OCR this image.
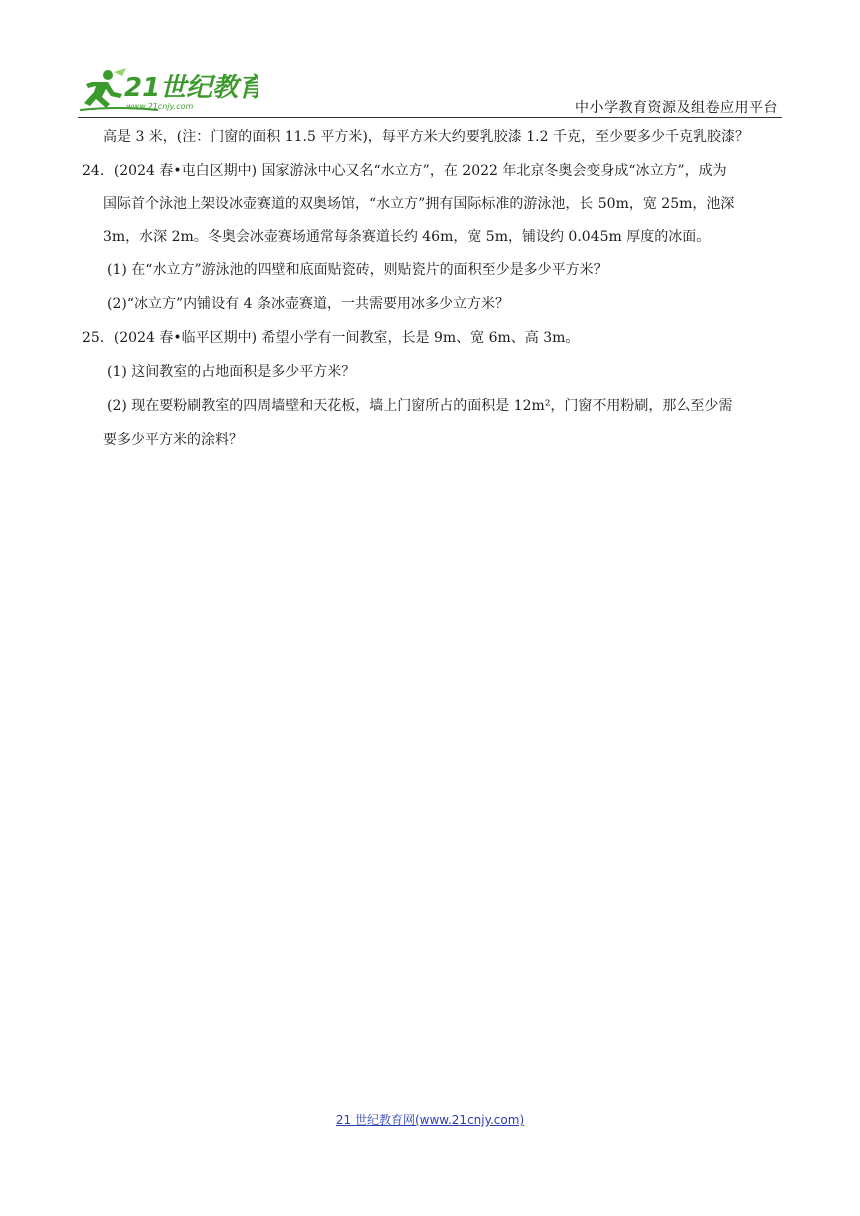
21世纪教育
www.21cnjy.com	中小学教育资源及组卷应用平台
高是 3 米，(注：门窗的面积 11.5 平方米)，每平方米大约要乳胶漆 1.2 千克，至少要多少千克乳胶漆？
24．(2024 春•屯白区期中) 国家游泳中心又名“水立方”，在 2022 年北京冬奥会变身成“冰立方”，成为
国际首个泳池上架设冰壶赛道的双奥场馆，“水立方”拥有国际标准的游泳池，长 50m，宽 25m，池深
3m，水深 2m。冬奥会冰壶赛场通常每条赛道长约 46m，宽 5m，铺设约 0.045m 厚度的冰面。
(1) 在“水立方”游泳池的四壁和底面贴瓷砖，则贴瓷片的面积至少是多少平方米？
(2)“冰立方”内铺设有 4 条冰壶赛道，一共需要用冰多少立方米？
25．(2024 春•临平区期中) 希望小学有一间教室，长是 9m、宽 6m、高 3m。
(1) 这间教室的占地面积是多少平方米？
(2) 现在要粉刷教室的四周墙壁和天花板，墙上门窗所占的面积是 12m²，门窗不用粉刷，那么至少需
要多少平方米的涂料？
21 世纪教育网(www.21cnjy.com)
